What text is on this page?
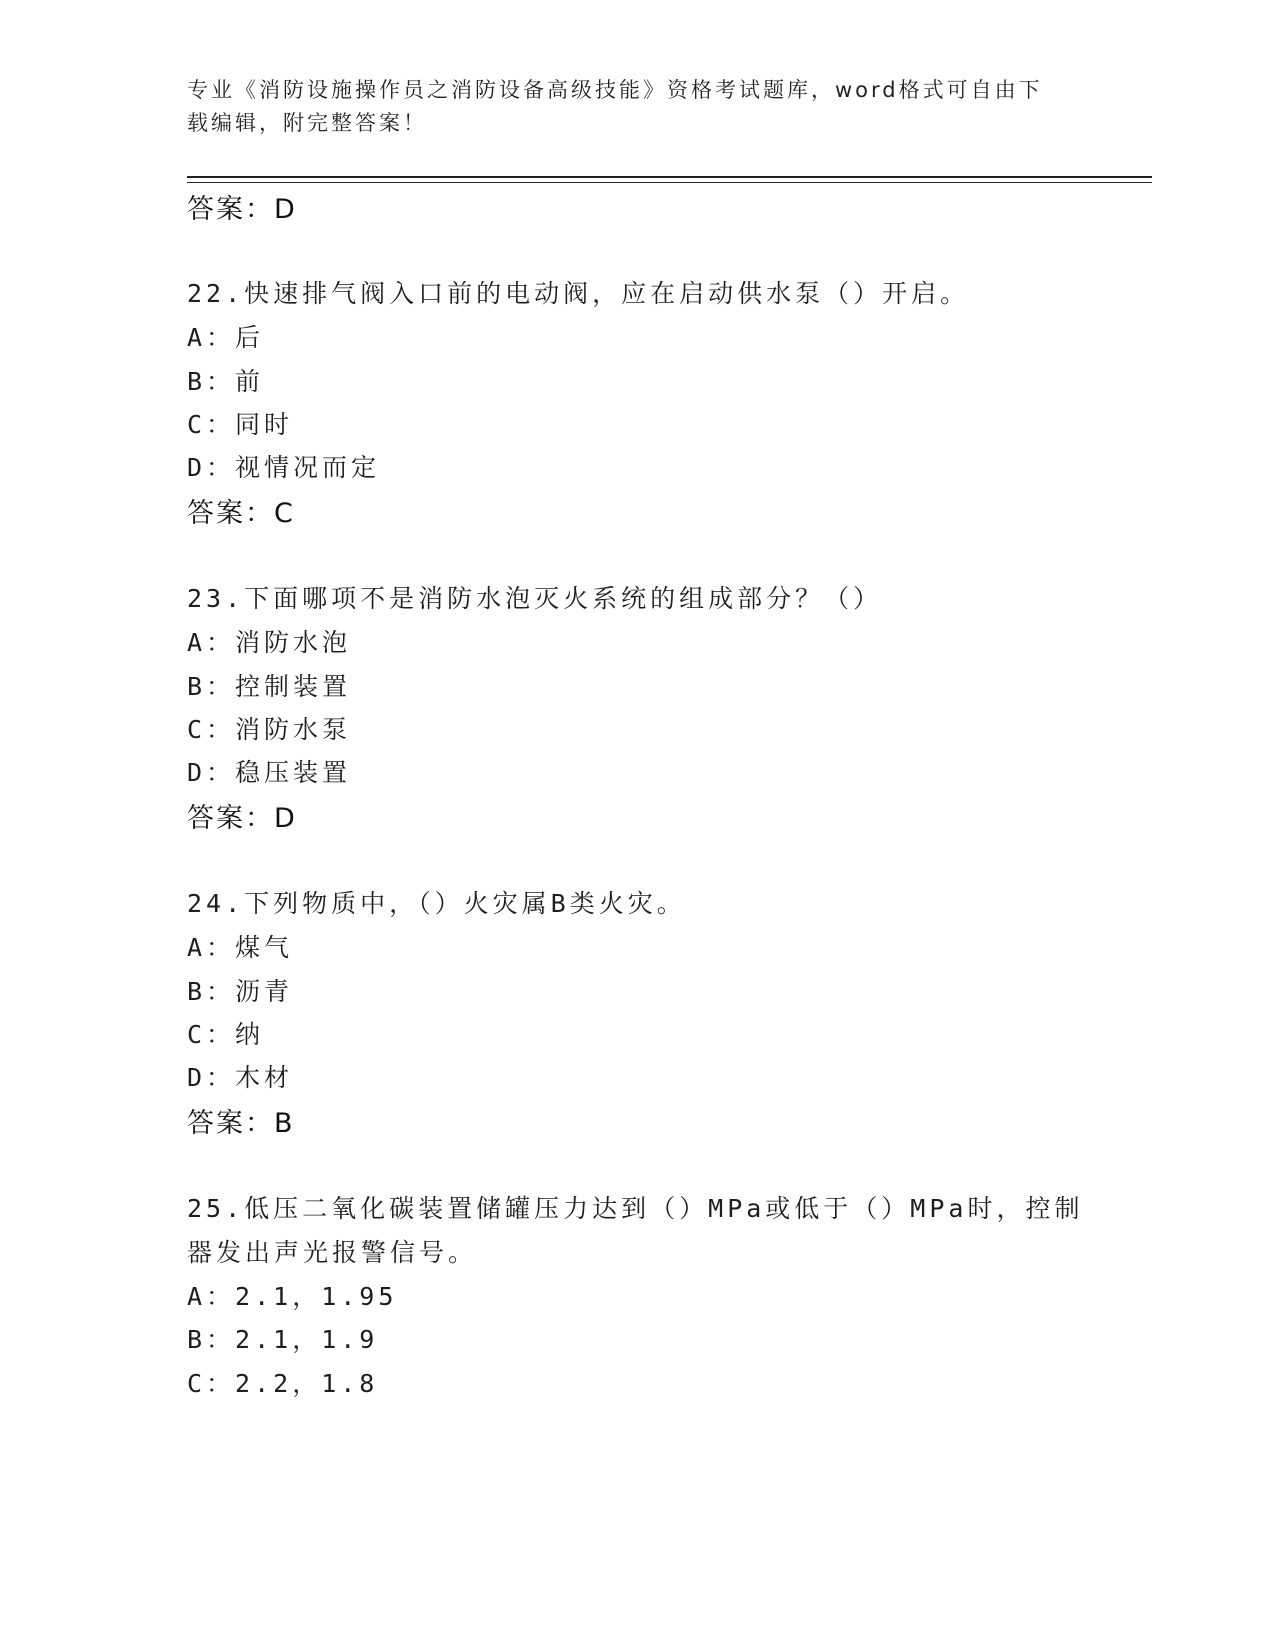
专业《消防设施操作员之消防设备高级技能》资格考试题库，word格式可自由下
载编辑，附完整答案！
答案：D
22.快速排气阀入口前的电动阀，应在启动供水泵（）开启。
A：后
B：前
C：同时
D：视情况而定
答案：C
23.下面哪项不是消防水泡灭火系统的组成部分？（）
A：消防水泡
B：控制装置
C：消防水泵
D：稳压装置
答案：D
24.下列物质中，（）火灾属B类火灾。
A：煤气
B：沥青
C：纳
D：木材
答案：B
25.低压二氧化碳装置储罐压力达到（）MPa或低于（）MPa时，控制
器发出声光报警信号。
A：2.1，1.95
B：2.1，1.9
C：2.2，1.8
